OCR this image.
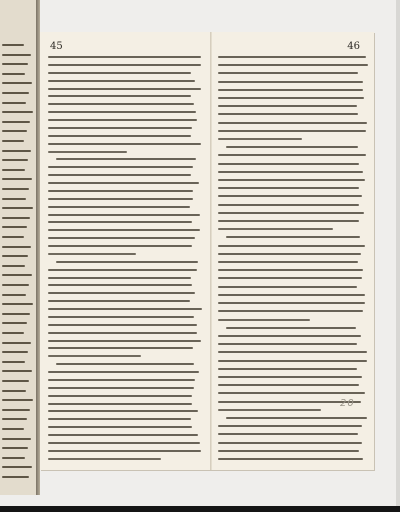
45	46
20
